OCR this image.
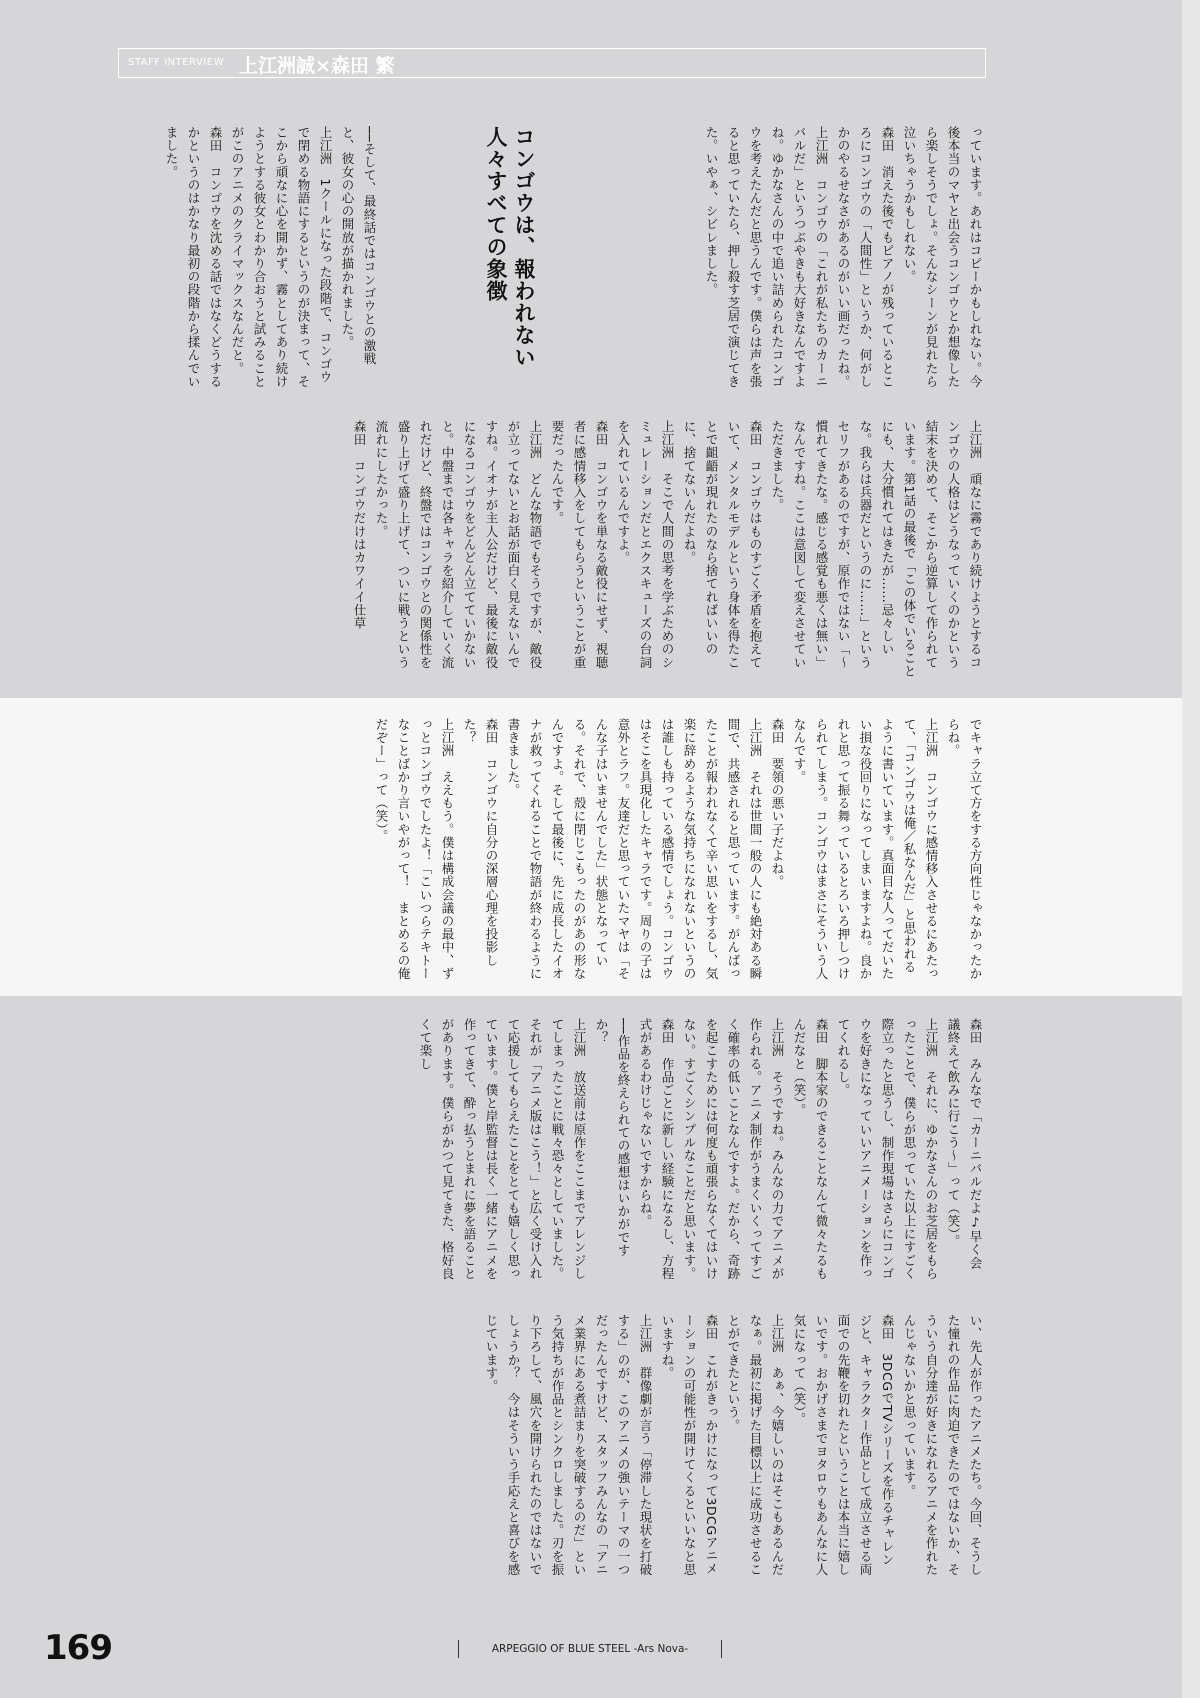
STAFF INTERVIEW 上江洲誠×森田 繁
っています。あれはコピーかもしれない。今後本当のマヤと出会うコンゴウとか想像したら楽しそうでしょ。そんなシーンが見れたら泣いちゃうかもしれない。
森田　消えた後でもピアノが残っているところにコンゴウの「人間性」というか、何がしかのやるせなさがあるのがいい画だったね。
上江洲　コンゴウの「これが私たちのカーニバルだ」というつぶやきも大好きなんですよね。ゆかなさんの中で追い詰められたコンゴウを考えたんだと思うんです。僕らは声を張ると思っていたら、押し殺す芝居で演じてきた。いやぁ、シビレました。
コンゴウは、報われない
人々すべての象徴
──そして、最終話ではコンゴウとの激戦と、彼女の心の開放が描かれました。
上江洲　1クールになった段階で、コンゴウで閉める物語にするというのが決まって、そこから頑なに心を開かず、霧としてあり続けようとする彼女とわかり合おうと試みることがこのアニメのクライマックスなんだと。
森田　コンゴウを沈める話ではなくどうするかというのはかなり最初の段階から揉んでいました。
上江洲　頑なに霧であり続けようとするコンゴウの人格はどうなっていくのかという結末を決めて、そこから逆算して作られています。第1話の最後で「この体でいることにも、大分慣れてはきたが……忌々しいな。我らは兵器だというのに……」というセリフがあるのですが、原作ではない「～慣れてきたな。感じる感覚も悪くは無い」なんですね。ここは意図して変えさせていただきました。
森田　コンゴウはものすごく矛盾を抱えていて、メンタルモデルという身体を得たことで齟齬が現れたのなら捨てればいいのに、捨てないんだよね。
上江洲　そこで人間の思考を学ぶためのシミュレーションだとエクスキューズの台詞を入れているんですよ。
森田　コンゴウを単なる敵役にせず、視聴者に感情移入をしてもらうということが重要だったんです。
上江洲　どんな物語でもそうですが、敵役が立ってないとお話が面白く見えないんですね。イオナが主人公だけど、最後に敵役になるコンゴウをどんどん立てていかないと。中盤までは各キャラを紹介していく流れだけど、終盤ではコンゴウとの関係性を盛り上げて盛り上げて、ついに戦うという流れにしたかった。
森田　コンゴウだけはカワイイ仕草
でキャラ立て方をする方向性じゃなかったからね。
上江洲　コンゴウに感情移入させるにあたって、「コンゴウは俺／私なんだ」と思われるように書いています。真面目な人ってだいたい損な役回りになってしまいますよね。良かれと思って振る舞っているとろいろ押しつけられてしまう。コンゴウはまさにそういう人なんです。
森田　要領の悪い子だよね。
上江洲　それは世間一般の人にも絶対ある瞬間で、共感されると思っています。がんばったことが報われなくて辛い思いをするし、気楽に辞めるような気持ちになれないというのは誰しも持っている感情でしょう。コンゴウはそこを具現化したキャラです。周りの子は意外とラフ。友達だと思っていたマヤは「そんな子はいませんでした」状態となっている。それで、殻に閉じこもったのがあの形なんですよ。そして最後に、先に成長したイオナが救ってくれることで物語が終わるように書きました。
森田　コンゴウに自分の深層心理を投影した？
上江洲　ええもう。僕は構成会議の最中、ずっとコンゴウでしたよ！「こいつらテキトーなことばかり言いやがって！　まとめるの俺だぞー」って（笑）。
森田　みんなで「カーニバルだよ♪早く会議終えて飲みに行こう～」って（笑）。
上江洲　それに、ゆかなさんのお芝居をもらったことで、僕らが思っていた以上にすごく際立ったと思うし、制作現場はさらにコンゴウを好きになっていいアニメーションを作ってくれるし。
森田　脚本家のできることなんて微々たるもんだなと（笑）。
上江洲　そうですね。みんなの力でアニメが作られる。アニメ制作がうまくいくってすごく確率の低いことなんですよ。だから、奇跡を起こすためには何度も頑張らなくてはいけない。すごくシンプルなことだと思います。
森田　作品ごとに新しい経験になるし、方程式があるわけじゃないですからね。
──作品を終えられての感想はいかがですか？
上江洲　放送前は原作をここまでアレンジしてしまったことに戦々恐々としていました。それが「アニメ版はこう！」と広く受け入れて応援してもらえたことをとても嬉しく思っています。僕と岸監督は長く一緒にアニメを作ってきて、酔っ払うとまれに夢を語ることがあります。僕らがかつて見てきた、格好良くて楽し
い、先人が作ったアニメたち。今回、そうした憧れの作品に肉迫できたのではないか、そういう自分達が好きになれるアニメを作れたんじゃないかと思っています。
森田　3DCGでTVシリーズを作るチャレンジと、キャラクター作品として成立させる両面での先鞭を切れたということは本当に嬉しいです。おかげさまでヨタロウもあんなに人気になって（笑）。
上江洲　あぁ、今嬉しいのはそこもあるんだなぁ。最初に掲げた目標以上に成功させることができたという。
森田　これがきっかけになって3DCGアニメーションの可能性が開けてくるといいなと思いますね。
上江洲　群像劇が言う「停滞した現状を打破する」のが、このアニメの強いテーマの一つだったんですけど、スタッフみんなの「アニメ業界にある煮詰まりを突破するのだ」という気持ちが作品とシンクロしました。刃を振り下ろして、風穴を開けられたのではないでしょうか？　今はそういう手応えと喜びを感じています。
169	ARPEGGIO OF BLUE STEEL -Ars Nova-
